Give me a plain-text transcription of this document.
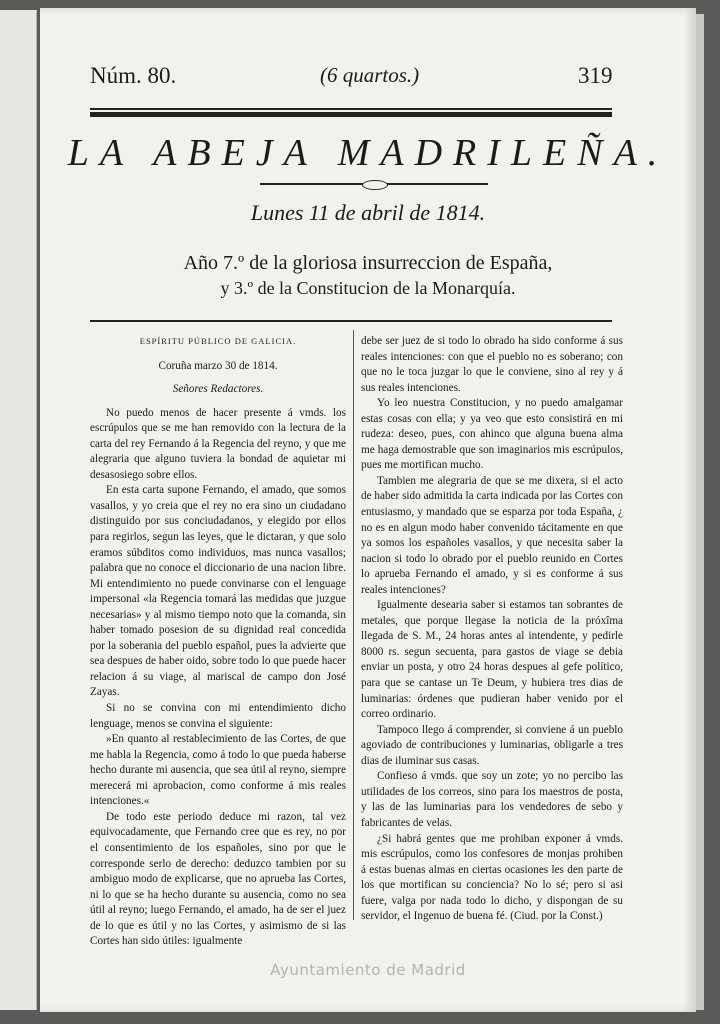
Núm. 80.	(6 quartos.)	319
LA ABEJA MADRILEÑA.
Lunes 11 de abril de 1814.
Año 7.º de la gloriosa insurreccion de España,
y 3.º de la Constitucion de la Monarquía.

ESPÍRITU PÚBLICO DE GALICIA.

Coruña marzo 30 de 1814.

Señores Redactores.

No puedo menos de hacer presente á vmds. los escrúpulos que se me han removido con la lectura de la carta del rey Fernando á la Regencia del reyno, y que me alegraria que alguno tuviera la bondad de aquietar mi desasosiego sobre ellos.

En esta carta supone Fernando, el amado, que somos vasallos, y yo creia que el rey no era sino un ciudadano distinguido por sus conciudadanos, y elegido por ellos para regirlos, segun las leyes, que le dictaran, y que solo eramos súbditos como individuos, mas nunca vasallos; palabra que no conoce el diccionario de una nacion libre. Mi entendimiento no puede convinarse con el lenguage impersonal «la Regencia tomará las medidas que juzgue necesarias» y al mismo tiempo noto que la comanda, sin haber tomado posesion de su dignidad real concedida por la soberania del pueblo español, pues la advierte que sea despues de haber oido, sobre todo lo que puede hacer relacion á su viage, al mariscal de campo don José Zayas.

Si no se convina con mi entendimiento dicho lenguage, menos se convina el siguiente:

»En quanto al restablecimiento de las Cortes, de que me habla la Regencia, como á todo lo que pueda haberse hecho durante mi ausencia, que sea útil al reyno, siempre merecerá mi aprobacion, como conforme á mis reales intenciones.«

De todo este periodo deduce mi razon, tal vez equivocadamente, que Fernando cree que es rey, no por el consentimiento de los españoles, sino por que le corresponde serlo de derecho: deduzco tambien por su ambiguo modo de explicarse, que no aprueba las Cortes, ni lo que se ha hecho durante su ausencia, como no sea útil al reyno; luego Fernando, el amado, ha de ser el juez de lo que es útil y no las Cortes, y asimismo de si las Cortes han sido útiles: igualmente

debe ser juez de si todo lo obrado ha sido conforme á sus reales intenciones: con que el pueblo no es soberano; con que no le toca juzgar lo que le conviene, sino al rey y á sus reales intenciones.

Yo leo nuestra Constitucion, y no puedo amalgamar estas cosas con ella; y ya veo que esto consistirá en mi rudeza: deseo, pues, con ahinco que alguna buena alma me haga demostrable que son imaginarios mis escrúpulos, pues me mortifican mucho.

Tambien me alegraria de que se me dixera, si el acto de haber sido admitida la carta indicada por las Cortes con entusiasmo, y mandado que se esparza por toda España, ¿ no es en algun modo haber convenido tácitamente en que ya somos los españoles vasallos, y que necesita saber la nacion si todo lo obrado por el pueblo reunido en Cortes lo aprueba Fernando el amado, y si es conforme á sus reales intenciones?

Igualmente desearia saber si estamos tan sobrantes de metales, que porque llegase la noticia de la próxîma llegada de S. M., 24 horas antes al intendente, y pedirle 8000 rs. segun secuenta, para gastos de viage se debia enviar un posta, y otro 24 horas despues al gefe político, para que se cantase un Te Deum, y hubiera tres dias de luminarias: órdenes que pudieran haber venido por el correo ordinario.

Tampoco llego á comprender, si conviene á un pueblo agoviado de contribuciones y luminarias, obligarle a tres dias de iluminar sus casas.

Confieso á vmds. que soy un zote; yo no percibo las utilidades de los correos, sino para los maestros de posta, y las de las luminarias para los vendedores de sebo y fabricantes de velas.

¿Si habrá gentes que me prohiban exponer á vmds. mis escrúpulos, como los confesores de monjas prohiben á estas buenas almas en ciertas ocasiones les den parte de los que mortifican su conciencia? No lo sé; pero si asi fuere, valga por nada todo lo dicho, y dispongan de su servidor, el Ingenuo de buena fé. (Ciud. por la Const.)

Ayuntamiento de Madrid
